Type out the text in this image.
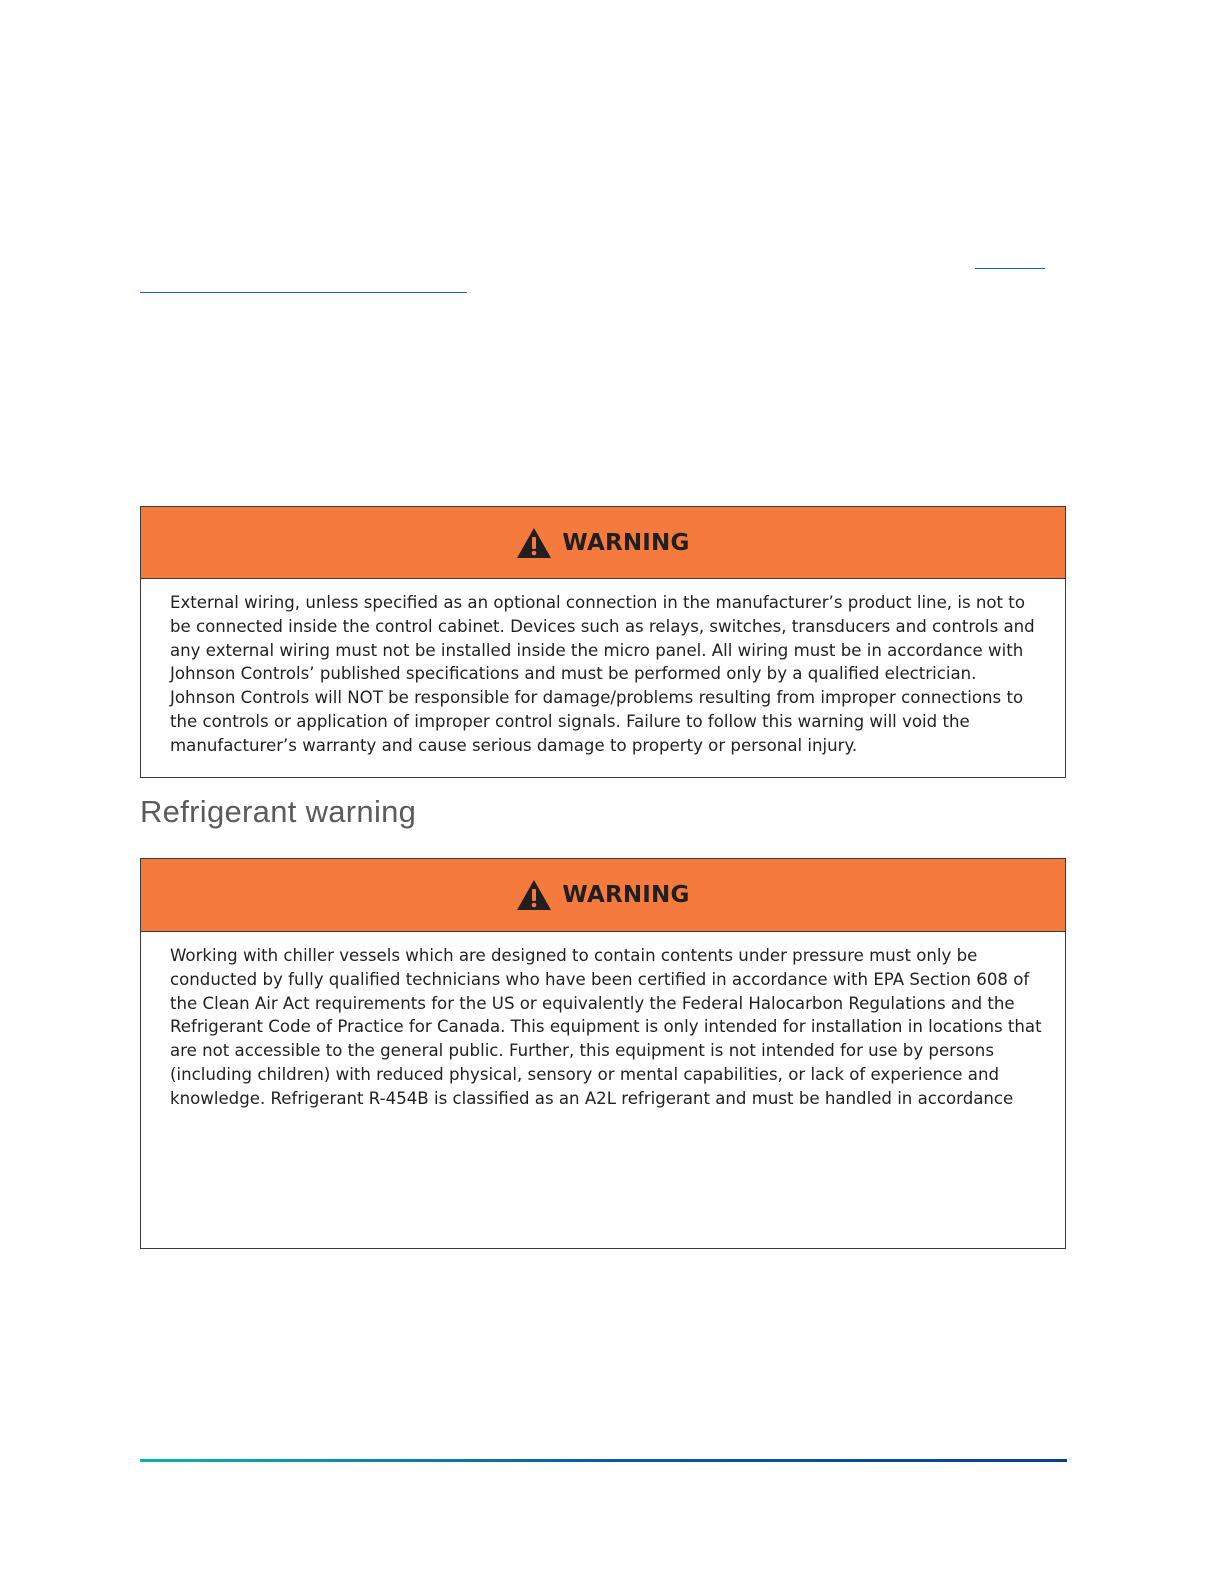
WARNING
External wiring, unless specified as an optional connection in the manufacturer’s product line, is not to be connected inside the control cabinet. Devices such as relays, switches, transducers and controls and any external wiring must not be installed inside the micro panel. All wiring must be in accordance with Johnson Controls’ published specifications and must be performed only by a qualified electrician. Johnson Controls will NOT be responsible for damage/problems resulting from improper connections to the controls or application of improper control signals. Failure to follow this warning will void the manufacturer’s warranty and cause serious damage to property or personal injury.
Refrigerant warning
WARNING
Working with chiller vessels which are designed to contain contents under pressure must only be conducted by fully qualified technicians who have been certified in accordance with EPA Section 608 of the Clean Air Act requirements for the US or equivalently the Federal Halocarbon Regulations and the Refrigerant Code of Practice for Canada. This equipment is only intended for installation in locations that are not accessible to the general public. Further, this equipment is not intended for use by persons (including children) with reduced physical, sensory or mental capabilities, or lack of experience and knowledge. Refrigerant R-454B is classified as an A2L refrigerant and must be handled in accordance
